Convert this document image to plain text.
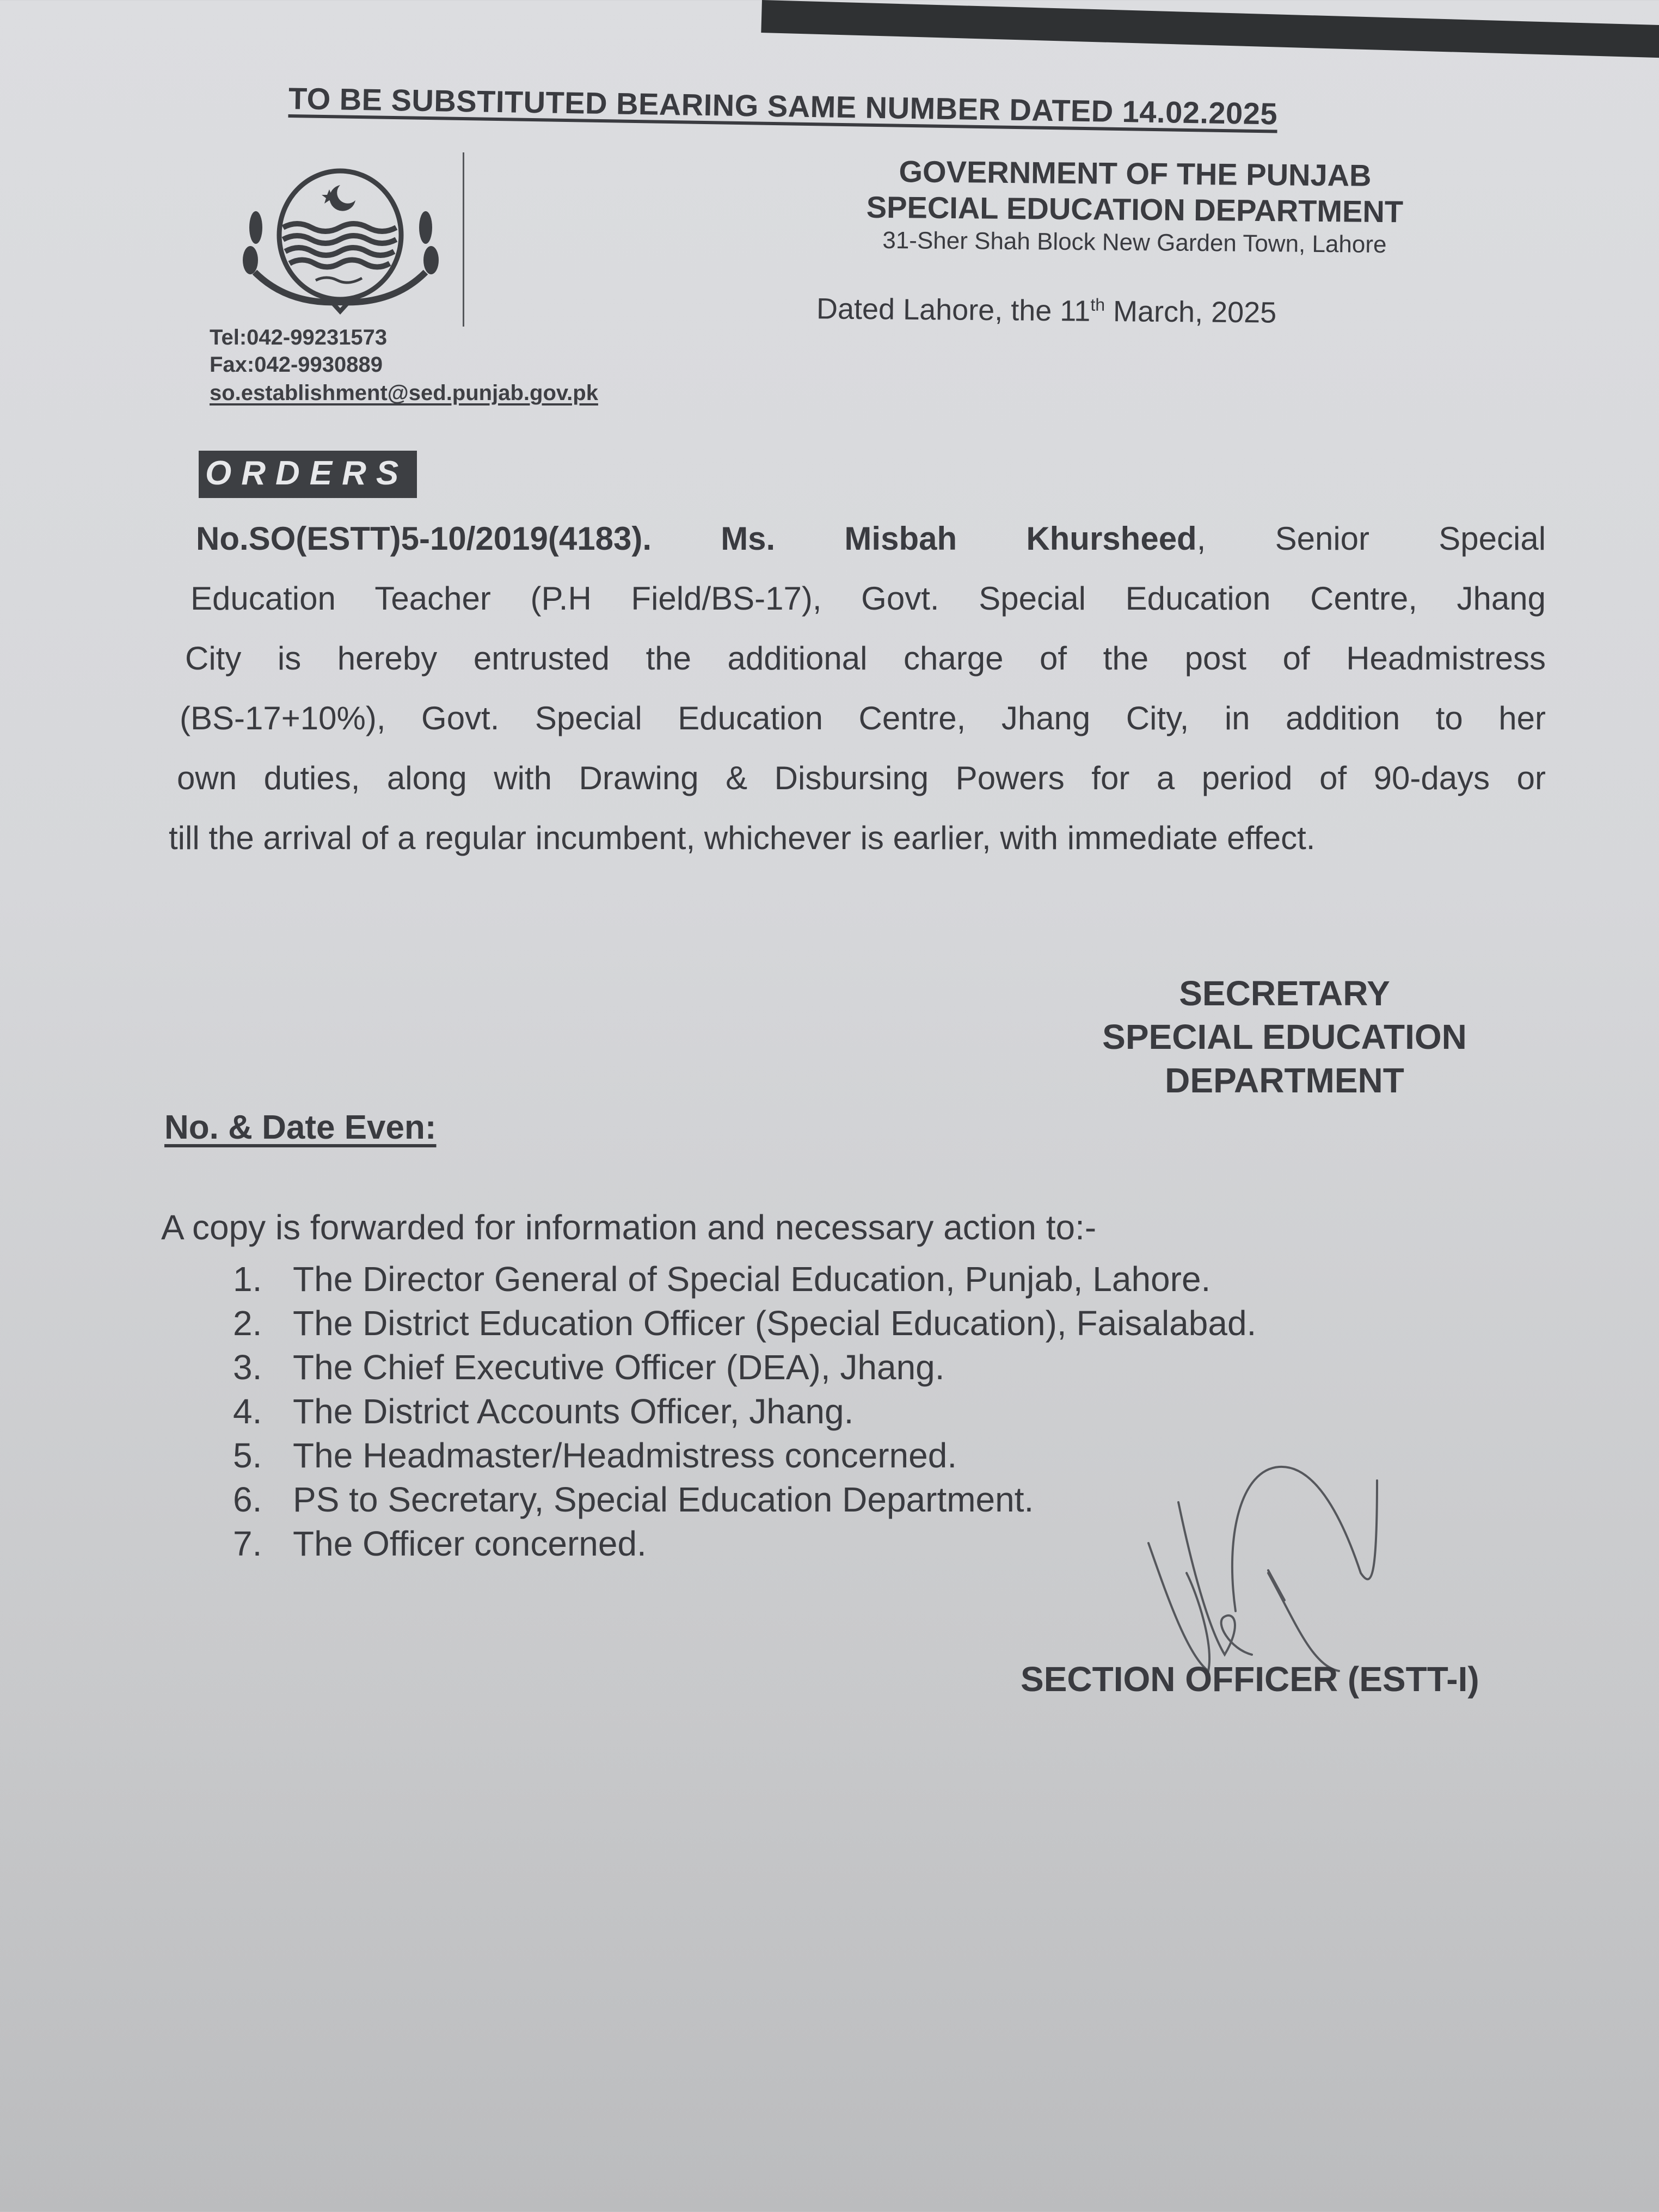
TO BE SUBSTITUTED BEARING SAME NUMBER DATED 14.02.2025
Tel:042-99231573
Fax:042-9930889
so.establishment@sed.punjab.gov.pk
GOVERNMENT OF THE PUNJAB
SPECIAL EDUCATION DEPARTMENT
31-Sher Shah Block New Garden Town, Lahore
Dated Lahore, the 11th March, 2025
ORDERS
No.SO(ESTT)5-10/2019(4183). Ms. Misbah Khursheed, Senior Special
Education Teacher (P.H Field/BS-17), Govt. Special Education Centre, Jhang
City is hereby entrusted the additional charge of the post of Headmistress
(BS-17+10%), Govt. Special Education Centre, Jhang City, in addition to her
own duties, along with Drawing & Disbursing Powers for a period of 90-days or
till the arrival of a regular incumbent, whichever is earlier, with immediate effect.
SECRETARY
SPECIAL EDUCATION
DEPARTMENT
No. & Date Even:
A copy is forwarded for information and necessary action to:-
1. The Director General of Special Education, Punjab, Lahore.
2. The District Education Officer (Special Education), Faisalabad.
3. The Chief Executive Officer (DEA), Jhang.
4. The District Accounts Officer, Jhang.
5. The Headmaster/Headmistress concerned.
6. PS to Secretary, Special Education Department.
7. The Officer concerned.
SECTION OFFICER (ESTT-I)
